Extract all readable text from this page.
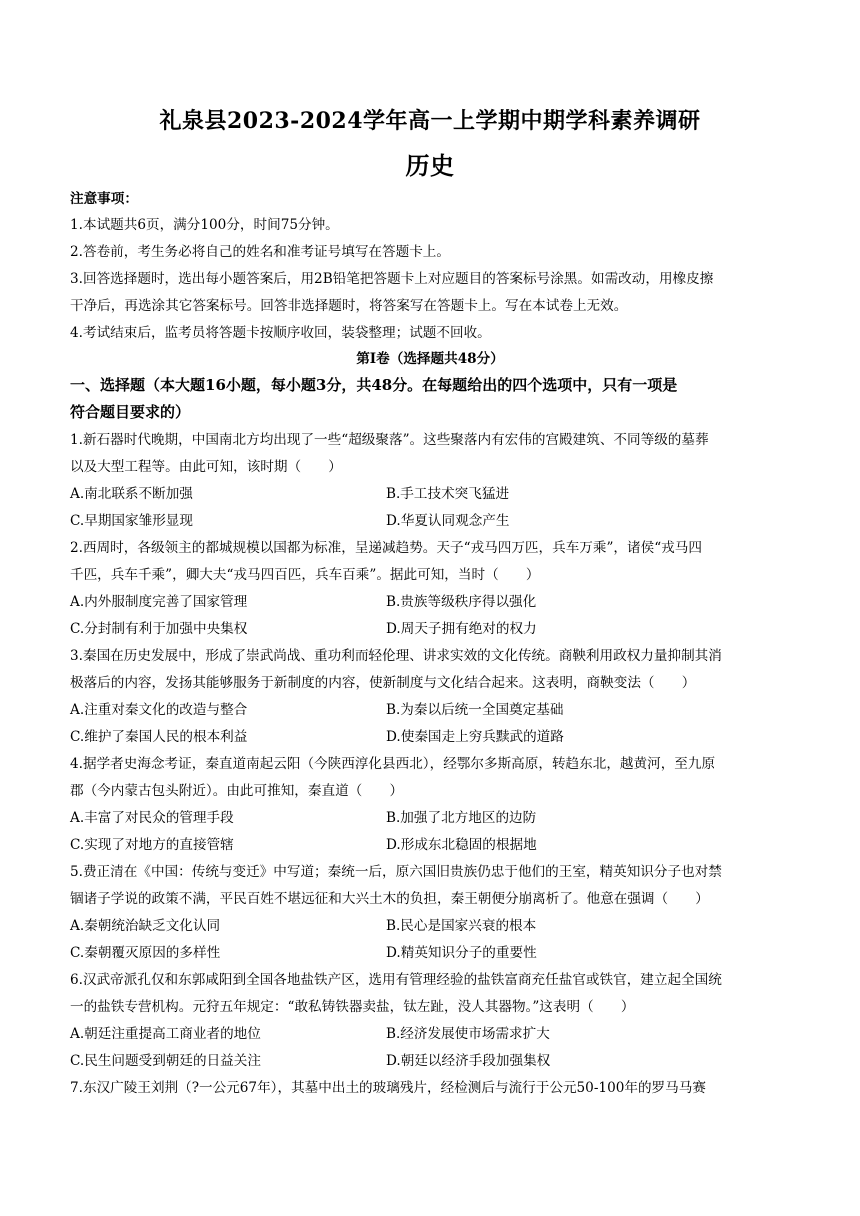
礼泉县2023-2024学年高一上学期中期学科素养调研
历史
注意事项：
1.本试题共6页，满分100分，时间75分钟。
2.答卷前，考生务必将自己的姓名和准考证号填写在答题卡上。
3.回答选择题时，选出每小题答案后，用2B铅笔把答题卡上对应题目的答案标号涂黑。如需改动，用橡皮擦
干净后，再选涂其它答案标号。回答非选择题时，将答案写在答题卡上。写在本试卷上无效。
4.考试结束后，监考员将答题卡按顺序收回，装袋整理；试题不回收。
第Ⅰ卷（选择题共48分）
一、选择题（本大题16小题，每小题3分，共48分。在每题给出的四个选项中，只有一项是
符合题目要求的）
1.新石器时代晚期，中国南北方均出现了一些“超级聚落”。这些聚落内有宏伟的宫殿建筑、不同等级的墓葬
以及大型工程等。由此可知，该时期（　　）
A.南北联系不断加强	B.手工技术突飞猛进
C.早期国家雏形显现	D.华夏认同观念产生
2.西周时，各级领主的都城规模以国都为标准，呈递减趋势。天子“戎马四万匹，兵车万乘”，诸侯“戎马四
千匹，兵车千乘”，卿大夫“戎马四百匹，兵车百乘”。据此可知，当时（　　）
A.内外服制度完善了国家管理	B.贵族等级秩序得以强化
C.分封制有利于加强中央集权	D.周天子拥有绝对的权力
3.秦国在历史发展中，形成了崇武尚战、重功利而轻伦理、讲求实效的文化传统。商鞅利用政权力量抑制其消
极落后的内容，发扬其能够服务于新制度的内容，使新制度与文化结合起来。这表明，商鞅变法（　　）
A.注重对秦文化的改造与整合	B.为秦以后统一全国奠定基础
C.维护了秦国人民的根本利益	D.使秦国走上穷兵黩武的道路
4.据学者史海念考证，秦直道南起云阳（今陕西淳化县西北），经鄂尔多斯高原，转趋东北，越黄河，至九原
郡（今内蒙古包头附近）。由此可推知，秦直道（　　）
A.丰富了对民众的管理手段	B.加强了北方地区的边防
C.实现了对地方的直接管辖	D.形成东北稳固的根据地
5.费正清在《中国：传统与变迁》中写道；秦统一后，原六国旧贵族仍忠于他们的王室，精英知识分子也对禁
锢诸子学说的政策不满，平民百姓不堪远征和大兴土木的负担，秦王朝便分崩离析了。他意在强调（　　）
A.秦朝统治缺乏文化认同	B.民心是国家兴衰的根本
C.秦朝覆灭原因的多样性	D.精英知识分子的重要性
6.汉武帝派孔仅和东郭咸阳到全国各地盐铁产区，选用有管理经验的盐铁富商充任盐官或铁官，建立起全国统
一的盐铁专营机构。元狩五年规定：“敢私铸铁器卖盐，钛左趾，没人其器物。”这表明（　　）
A.朝廷注重提高工商业者的地位	B.经济发展使市场需求扩大
C.民生问题受到朝廷的日益关注	D.朝廷以经济手段加强集权
7.东汉广陵王刘荆（?一公元67年），其墓中出土的玻璃残片，经检测后与流行于公元50-100年的罗马马赛
